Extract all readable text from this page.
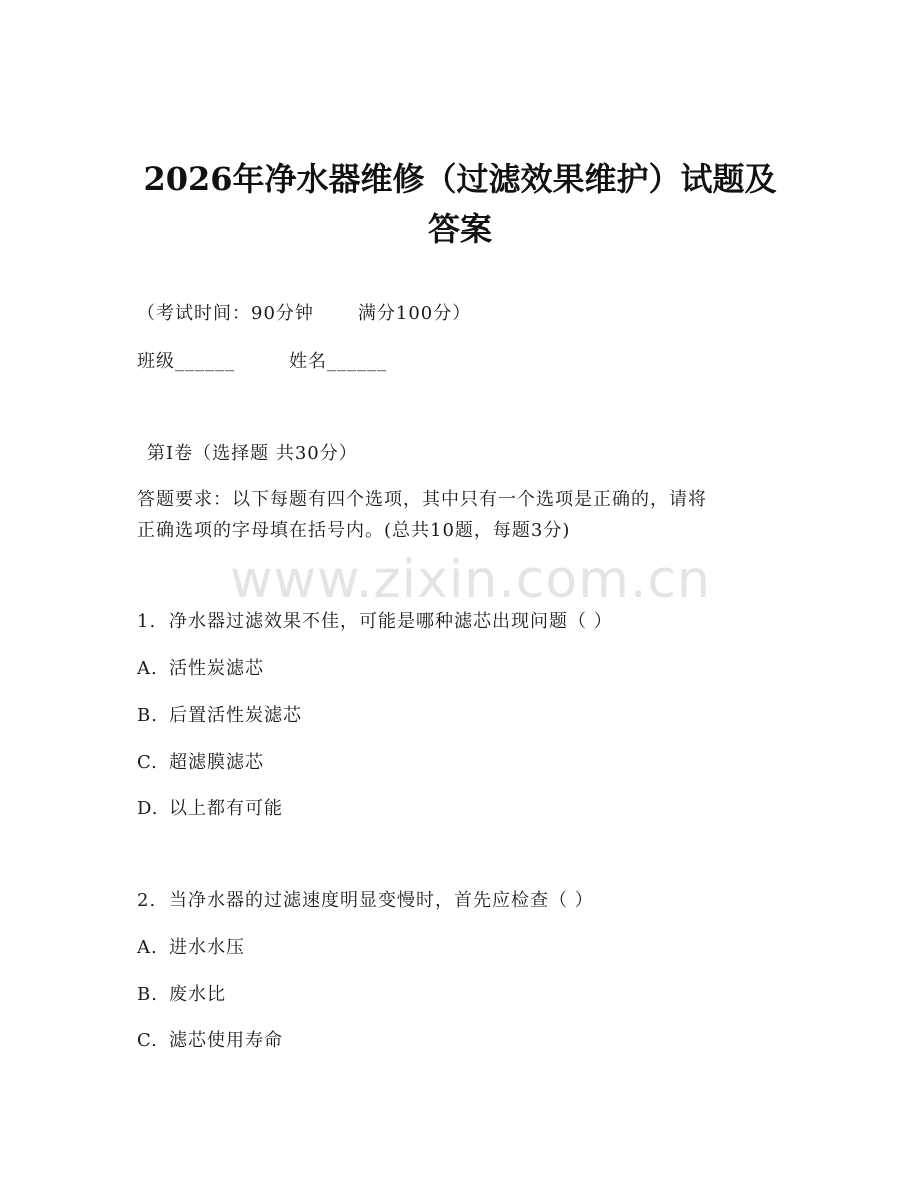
2026年净水器维修（过滤效果维护）试题及
答案
（考试时间：90分钟 满分100分）
班级______	姓名______
第I卷（选择题 共30分）
答题要求：以下每题有四个选项，其中只有一个选项是正确的，请将
正确选项的字母填在括号内。(总共10题，每题3分)
www.zixin.com.cn
1. 净水器过滤效果不佳，可能是哪种滤芯出现问题（ ）
A. 活性炭滤芯
B. 后置活性炭滤芯
C. 超滤膜滤芯
D. 以上都有可能
2. 当净水器的过滤速度明显变慢时，首先应检查（ ）
A. 进水水压
B. 废水比
C. 滤芯使用寿命
